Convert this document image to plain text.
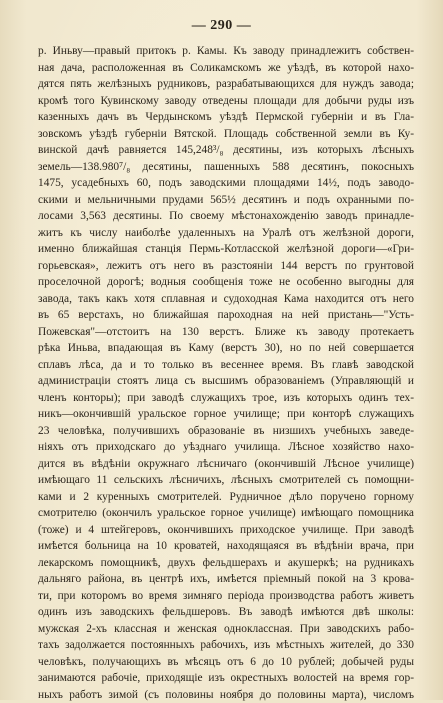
— 290 —
р. Иньву—правый притокъ р. Камы. Къ заводу принадлежитъ собствен-
ная дача, расположенная въ Соликамскомъ же уѣздѣ, въ которой нахо-
дятся пять желѣзныхъ рудниковъ, разрабатывающихся для нуждъ завода;
кромѣ того Кувинскому заводу отведены площади для добычи руды изъ
казенныхъ дачъ въ Чердынскомъ уѣздѣ Пермской губерніи и въ Гла-
зовскомъ уѣздѣ губерніи Вятской. Площадь собственной земли въ Ку-
винской дачѣ равняется 145,248³/₈ десятины, изъ которыхъ лѣсныхъ
земель—138.980⁷/₈ десятины, пашенныхъ 588 десятинъ, покосныхъ
1475, усадебныхъ 60, подъ заводскими площадями 14½, подъ заводо-
скими и мельничными прудами 565½ десятинъ и подъ охранными по-
лосами 3,563 десятины. По своему мѣстонахожденію заводъ принадле-
житъ къ числу наиболѣе удаленныхъ на Уралѣ отъ желѣзной дороги,
именно ближайшая станція Пермь-Котласской желѣзной дороги—«Гри-
горьевская», лежитъ отъ него въ разстояніи 144 верстъ по грунтовой
проселочной дорогѣ; водныя сообщенія тоже не особенно выгодны для
завода, такъ какъ хотя сплавная и судоходная Кама находится отъ него
въ 65 верстахъ, но ближайшая пароходная на ней пристань—"Усть-
Пожевская"—отстоитъ на 130 верстъ. Ближе къ заводу протекаетъ
рѣка Иньва, впадающая въ Каму (верстъ 30), но по ней совершается
сплавъ лѣса, да и то только въ весеннее время. Въ главѣ заводской
администраціи стоятъ лица съ высшимъ образованіемъ (Управляющій и
членъ конторы); при заводѣ служащихъ трое, изъ которыхъ одинъ тех-
никъ—окончившій уральское горное училище; при конторѣ служащихъ
23 человѣка, получившихъ образованіе въ низшихъ учебныхъ заведе-
ніяхъ отъ приходскаго до уѣзднаго училища. Лѣсное хозяйство нахо-
дится въ вѣдѣніи окружнаго лѣсничаго (окончившій Лѣсное училище)
имѣющаго 11 сельскихъ лѣсничихъ, лѣсныхъ смотрителей съ помощни-
ками и 2 куренныхъ смотрителей. Рудничное дѣло поручено горному
смотрителю (окончилъ уральское горное училище) имѣющаго помощника
(тоже) и 4 штейгеровъ, окончившихъ приходское училище. При заводѣ
имѣется больница на 10 кроватей, находящаяся въ вѣдѣніи врача, при
лекарскомъ помощникѣ, двухъ фельдшерахъ и акушеркѣ; на рудникахъ
дальняго района, въ центрѣ ихъ, имѣется пріемный покой на 3 крова-
ти, при которомъ во время зимняго періода производства работъ живетъ
одинъ изъ заводскихъ фельдшеровъ. Въ заводѣ имѣются двѣ школы:
мужская 2-хъ классная и женская одноклассная. При заводскихъ рабо-
тахъ задолжается постоянныхъ рабочихъ, изъ мѣстныхъ жителей, до 330
человѣкъ, получающихъ въ мѣсяцъ отъ 6 до 10 рублей; добычей руды
занимаются рабочіе, приходящіе изъ окрестныхъ волостей на время гор-
ныхъ работъ зимой (съ половины ноября до половины марта), числомъ
